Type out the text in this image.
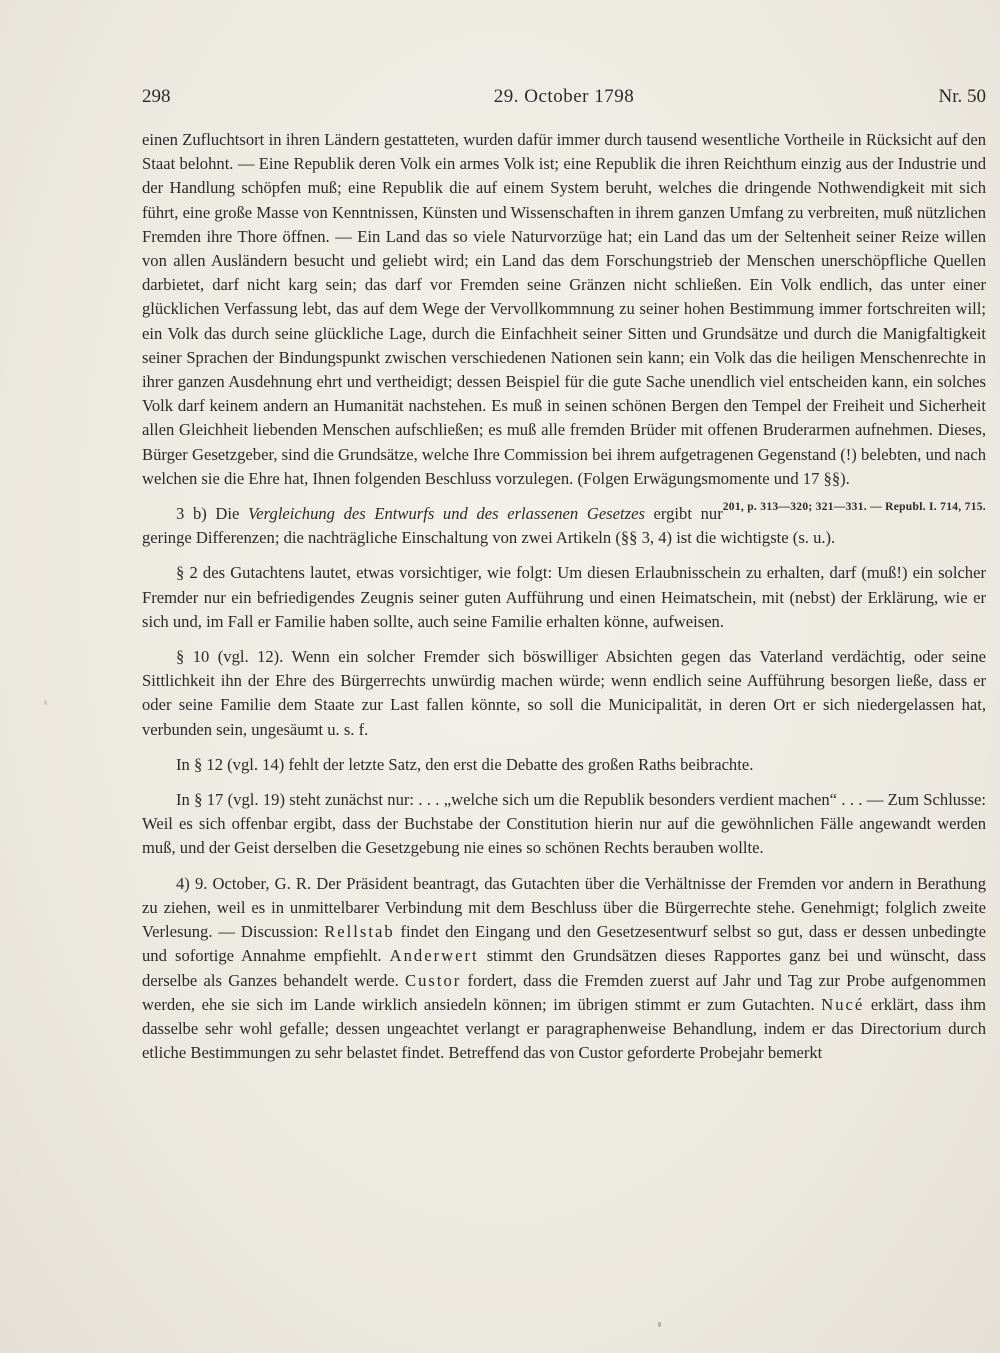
298	29. October 1798	Nr. 50

einen Zufluchtsort in ihren Ländern gestatteten, wurden dafür immer durch tausend wesentliche Vortheile in Rücksicht auf den Staat belohnt. — Eine Republik deren Volk ein armes Volk ist; eine Republik die ihren Reichthum einzig aus der Industrie und der Handlung schöpfen muß; eine Republik die auf einem System beruht, welches die dringende Nothwendigkeit mit sich führt, eine große Masse von Kenntnissen, Künsten und Wissenschaften in ihrem ganzen Umfang zu verbreiten, muß nützlichen Fremden ihre Thore öffnen. — Ein Land das so viele Naturvorzüge hat; ein Land das um der Seltenheit seiner Reize willen von allen Ausländern besucht und geliebt wird; ein Land das dem Forschungstrieb der Menschen unerschöpfliche Quellen darbietet, darf nicht karg sein; das darf vor Fremden seine Gränzen nicht schließen. Ein Volk endlich, das unter einer glücklichen Verfassung lebt, das auf dem Wege der Vervollkommnung zu seiner hohen Bestimmung immer fortschreiten will; ein Volk das durch seine glückliche Lage, durch die Einfachheit seiner Sitten und Grundsätze und durch die Manigfaltigkeit seiner Sprachen der Bindungspunkt zwischen verschiedenen Nationen sein kann; ein Volk das die heiligen Menschenrechte in ihrer ganzen Ausdehnung ehrt und vertheidigt; dessen Beispiel für die gute Sache unendlich viel entscheiden kann, ein solches Volk darf keinem andern an Humanität nachstehen. Es muß in seinen schönen Bergen den Tempel der Freiheit und Sicherheit allen Gleichheit liebenden Menschen aufschließen; es muß alle fremden Brüder mit offenen Bruderarmen aufnehmen. Dieses, Bürger Gesetzgeber, sind die Grundsätze, welche Ihre Commission bei ihrem aufgetragenen Gegenstand (!) belebten, und nach welchen sie die Ehre hat, Ihnen folgenden Beschluss vorzulegen. (Folgen Erwägungsmomente und 17 §§).
201, p. 313—320; 321—331. — Republ. I. 714, 715.

3 b) Die Vergleichung des Entwurfs und des erlassenen Gesetzes ergibt nur geringe Differenzen; die nachträgliche Einschaltung von zwei Artikeln (§§ 3, 4) ist die wichtigste (s. u.).

§ 2 des Gutachtens lautet, etwas vorsichtiger, wie folgt: Um diesen Erlaubnisschein zu erhalten, darf (muß!) ein solcher Fremder nur ein befriedigendes Zeugnis seiner guten Aufführung und einen Heimatschein, mit (nebst) der Erklärung, wie er sich und, im Fall er Familie haben sollte, auch seine Familie erhalten könne, aufweisen.

§ 10 (vgl. 12). Wenn ein solcher Fremder sich böswilliger Absichten gegen das Vaterland verdächtig, oder seine Sittlichkeit ihn der Ehre des Bürgerrechts unwürdig machen würde; wenn endlich seine Aufführung besorgen ließe, dass er oder seine Familie dem Staate zur Last fallen könnte, so soll die Municipalität, in deren Ort er sich niedergelassen hat, verbunden sein, ungesäumt u. s. f.

In § 12 (vgl. 14) fehlt der letzte Satz, den erst die Debatte des großen Raths beibrachte.

In § 17 (vgl. 19) steht zunächst nur: . . . „welche sich um die Republik besonders verdient machen“ . . . — Zum Schlusse: Weil es sich offenbar ergibt, dass der Buchstabe der Constitution hierin nur auf die gewöhnlichen Fälle angewandt werden muß, und der Geist derselben die Gesetzgebung nie eines so schönen Rechts berauben wollte.

4) 9. October, G. R. Der Präsident beantragt, das Gutachten über die Verhältnisse der Fremden vor andern in Berathung zu ziehen, weil es in unmittelbarer Verbindung mit dem Beschluss über die Bürgerrechte stehe. Genehmigt; folglich zweite Verlesung. — Discussion: Rellstab findet den Eingang und den Gesetzesentwurf selbst so gut, dass er dessen unbedingte und sofortige Annahme empfiehlt. Anderwert stimmt den Grundsätzen dieses Rapportes ganz bei und wünscht, dass derselbe als Ganzes behandelt werde. Custor fordert, dass die Fremden zuerst auf Jahr und Tag zur Probe aufgenommen werden, ehe sie sich im Lande wirklich ansiedeln können; im übrigen stimmt er zum Gutachten. Nucé erklärt, dass ihm dasselbe sehr wohl gefalle; dessen ungeachtet verlangt er paragraphenweise Behandlung, indem er das Directorium durch etliche Bestimmungen zu sehr belastet findet. Betreffend das von Custor geforderte Probejahr bemerkt
